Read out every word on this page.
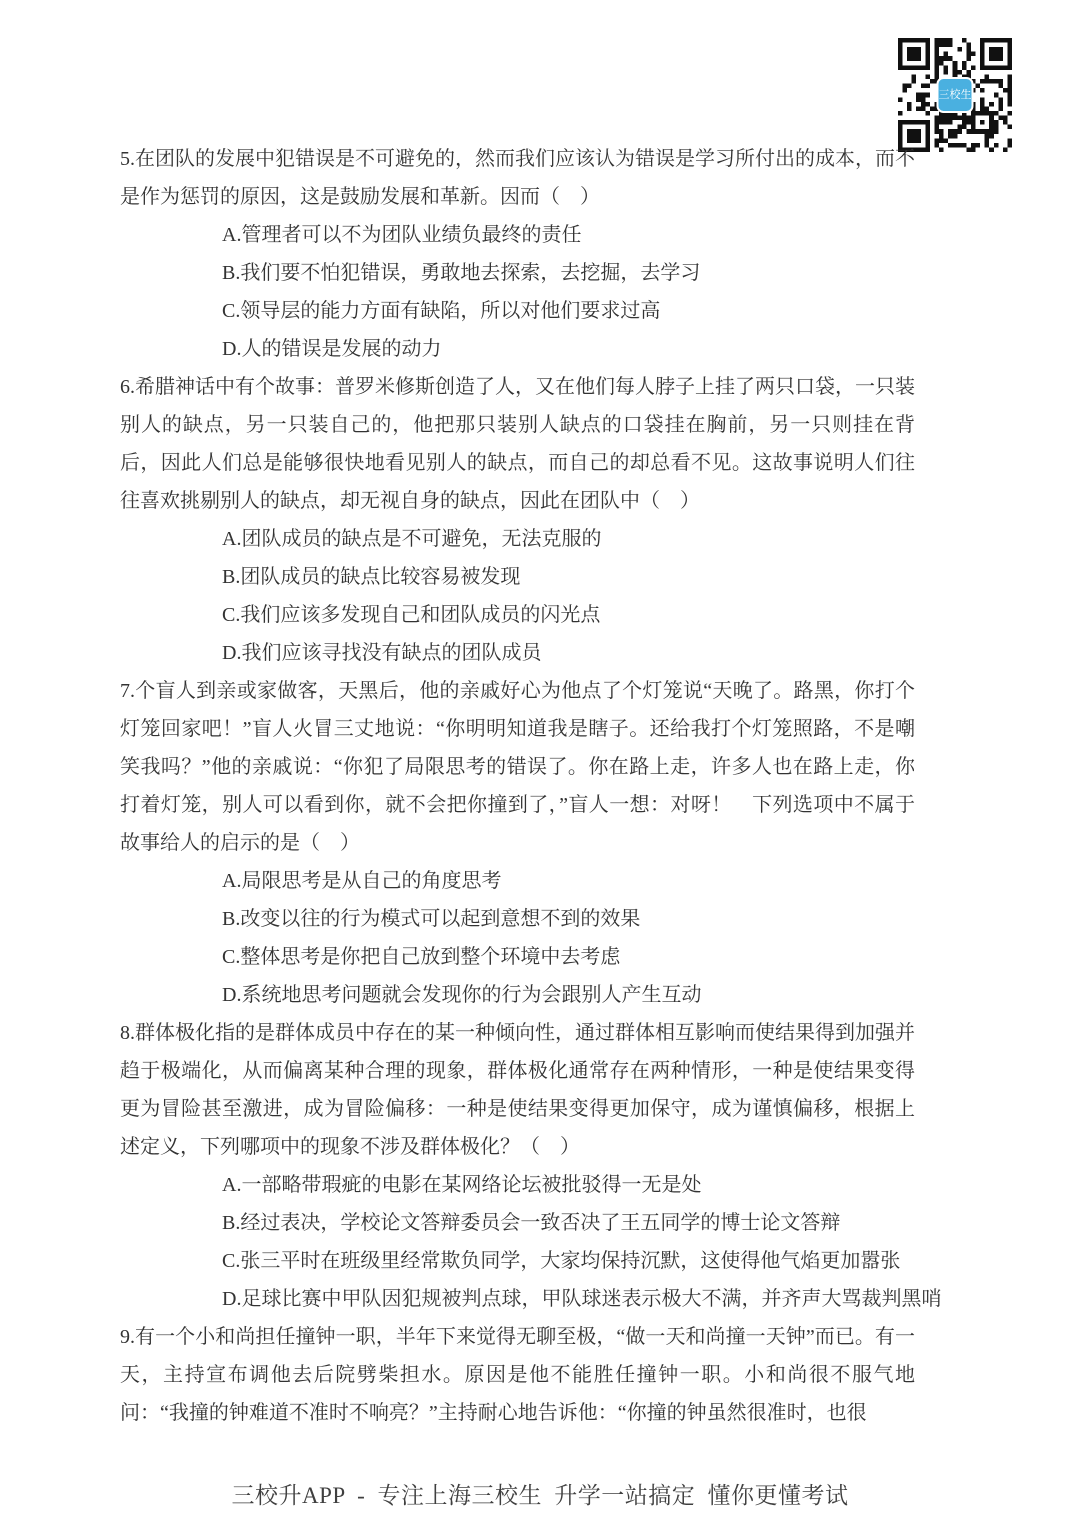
三校生

5.在团队的发展中犯错误是不可避免的，然而我们应该认为错误是学习所付出的成本，而不是作为惩罚的原因，这是鼓励发展和革新。因而（　）

A.管理者可以不为团队业绩负最终的责任

B.我们要不怕犯错误，勇敢地去探索，去挖掘，去学习

C.领导层的能力方面有缺陷，所以对他们要求过高

D.人的错误是发展的动力

6.希腊神话中有个故事：普罗米修斯创造了人，又在他们每人脖子上挂了两只口袋，一只装别人的缺点，另一只装自己的，他把那只装别人缺点的口袋挂在胸前，另一只则挂在背后，因此人们总是能够很快地看见别人的缺点，而自己的却总看不见。这故事说明人们往往喜欢挑剔别人的缺点，却无视自身的缺点，因此在团队中（　）

A.团队成员的缺点是不可避免，无法克服的

B.团队成员的缺点比较容易被发现

C.我们应该多发现自己和团队成员的闪光点

D.我们应该寻找没有缺点的团队成员

7.个盲人到亲或家做客，天黑后，他的亲戚好心为他点了个灯笼说“天晚了。路黑，你打个灯笼回家吧！”盲人火冒三丈地说：“你明明知道我是瞎子。还给我打个灯笼照路，不是嘲笑我吗？”他的亲戚说：“你犯了局限思考的错误了。你在路上走，许多人也在路上走，你打着灯笼，别人可以看到你，就不会把你撞到了，”盲人一想：对呀！　下列选项中不属于故事给人的启示的是（　）

A.局限思考是从自己的角度思考

B.改变以往的行为模式可以起到意想不到的效果

C.整体思考是你把自己放到整个环境中去考虑

D.系统地思考问题就会发现你的行为会跟别人产生互动

8.群体极化指的是群体成员中存在的某一种倾向性，通过群体相互影响而使结果得到加强并趋于极端化，从而偏离某种合理的现象，群体极化通常存在两种情形，一种是使结果变得更为冒险甚至激进，成为冒险偏移：一种是使结果变得更加保守，成为谨慎偏移，根据上述定义，下列哪项中的现象不涉及群体极化？（　）

A.一部略带瑕疵的电影在某网络论坛被批驳得一无是处

B.经过表决，学校论文答辩委员会一致否决了王五同学的博士论文答辩

C.张三平时在班级里经常欺负同学，大家均保持沉默，这使得他气焰更加嚣张

D.足球比赛中甲队因犯规被判点球，甲队球迷表示极大不满，并齐声大骂裁判黑哨

9.有一个小和尚担任撞钟一职，半年下来觉得无聊至极，“做一天和尚撞一天钟”而已。有一天，主持宣布调他去后院劈柴担水。原因是他不能胜任撞钟一职。小和尚很不服气地问：“我撞的钟难道不准时不响亮？”主持耐心地告诉他：“你撞的钟虽然很准时，也很

三校升APP - 专注上海三校生 升学一站搞定 懂你更懂考试
